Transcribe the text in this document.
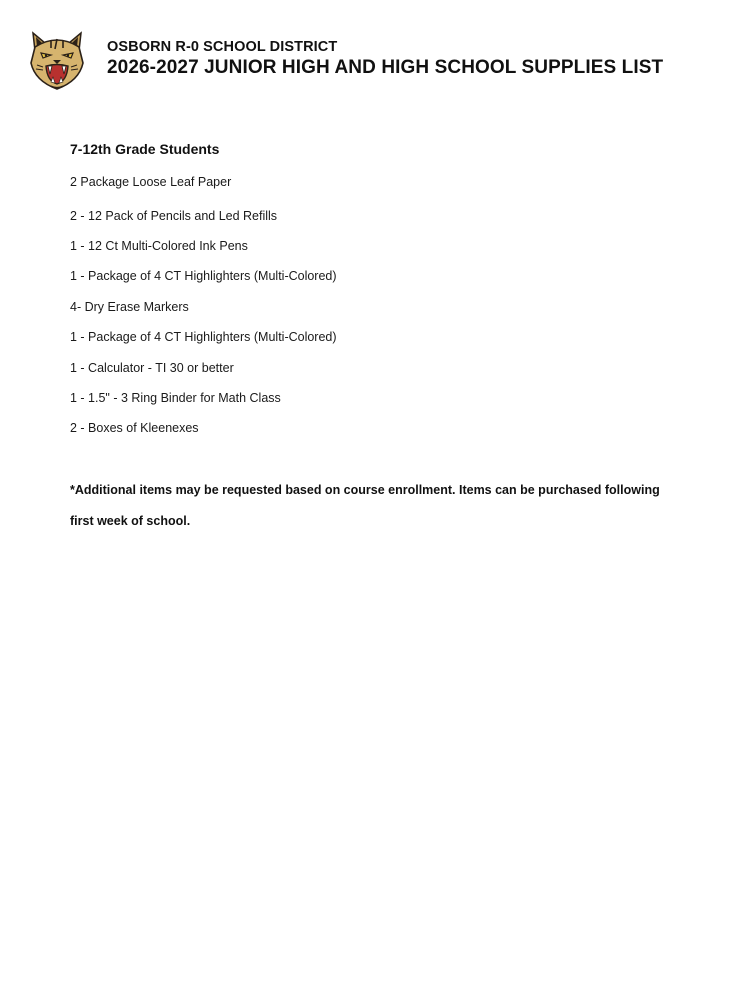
OSBORN R-0 SCHOOL DISTRICT
2026-2027 JUNIOR HIGH AND HIGH SCHOOL SUPPLIES LIST
7-12th Grade Students
2 Package Loose Leaf Paper
2 - 12 Pack of Pencils and Led Refills
1 - 12 Ct Multi-Colored Ink Pens
1 - Package of 4 CT Highlighters (Multi-Colored)
4- Dry Erase Markers
1 - Package of 4 CT Highlighters (Multi-Colored)
1 - Calculator - TI 30 or better
1 - 1.5" - 3 Ring Binder for Math Class
2 - Boxes of Kleenexes
*Additional items may be requested based on course enrollment. Items can be purchased following first week of school.
